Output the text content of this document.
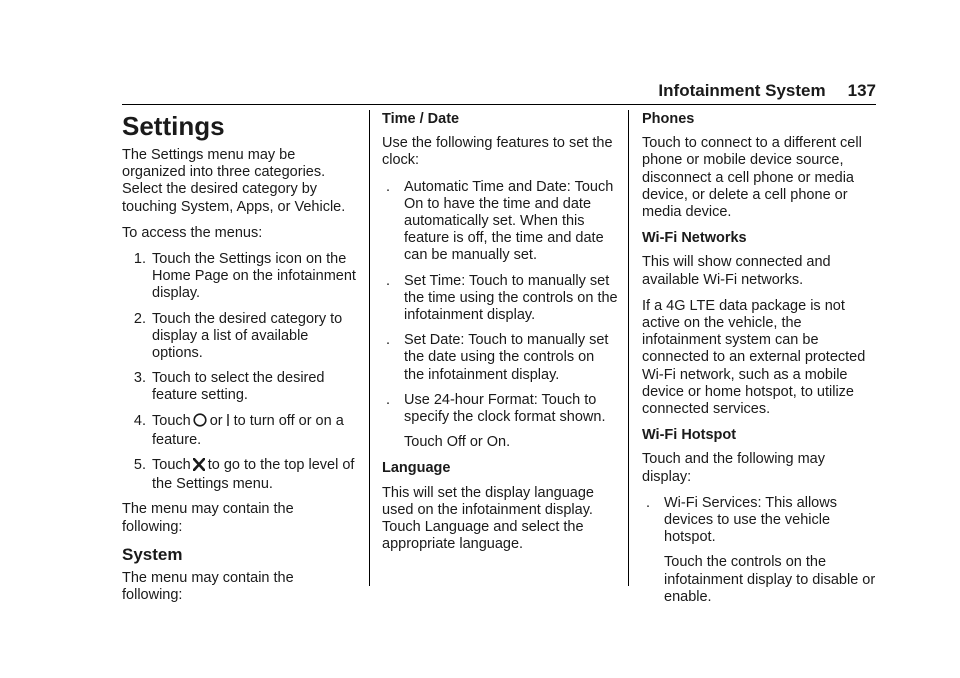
Infotainment System 137
Settings

The Settings menu may be organized into three categories. Select the desired category by touching System, Apps, or Vehicle.

To access the menus:

1. Touch the Settings icon on the Home Page on the infotainment display.
2. Touch the desired category to display a list of available options.
3. Touch to select the desired feature setting.
4. Touch or to turn off or on a feature.
5. Touch to go to the top level of the Settings menu.

The menu may contain the following:

System

The menu may contain the following:

Time / Date

Use the following features to set the clock:

. Automatic Time and Date: Touch On to have the time and date automatically set. When this feature is off, the time and date can be manually set.
. Set Time: Touch to manually set the time using the controls on the infotainment display.
. Set Date: Touch to manually set the date using the controls on the infotainment display.
. Use 24-hour Format: Touch to specify the clock format shown.

Touch Off or On.

Language

This will set the display language used on the infotainment display. Touch Language and select the appropriate language.

Phones

Touch to connect to a different cell phone or mobile device source, disconnect a cell phone or media device, or delete a cell phone or media device.

Wi-Fi Networks

This will show connected and available Wi-Fi networks.

If a 4G LTE data package is not active on the vehicle, the infotainment system can be connected to an external protected Wi-Fi network, such as a mobile device or home hotspot, to utilize connected services.

Wi-Fi Hotspot

Touch and the following may display:

. Wi-Fi Services: This allows devices to use the vehicle hotspot.

Touch the controls on the infotainment display to disable or enable.
